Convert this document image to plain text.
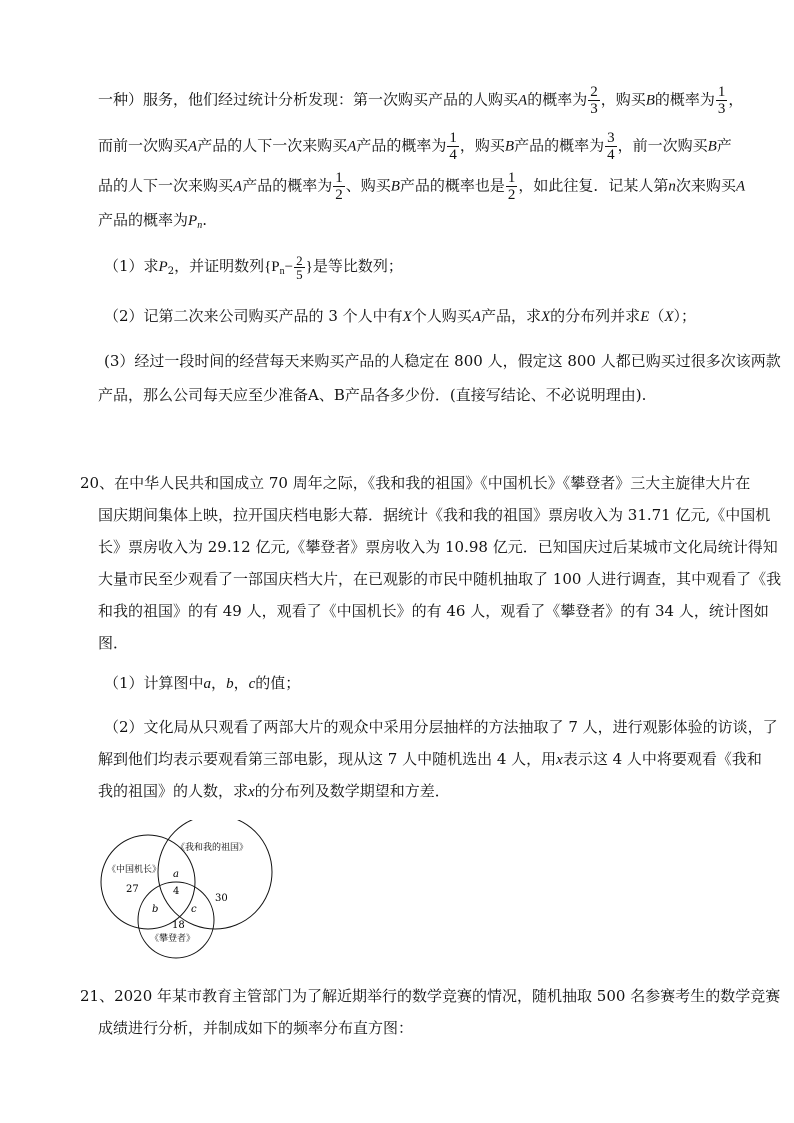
一种）服务，他们经过统计分析发现：第一次购买产品的人购买A的概率为 $\frac{2}{3}$ ，购买B的概率为 $\frac{1}{3}$ ，
而前一次购买A产品的人下一次来购买A产品的概率为 $\frac{1}{4}$ ，购买B产品的概率为 $\frac{3}{4}$ ，前一次购买B产
品的人下一次来购买A产品的概率为 $\frac{1}{2}$ 、购买B产品的概率也是 $\frac{1}{2}$ ，如此往复．记某人第n次来购买A
产品的概率为$P_n$.
（1）求$P_2$，并证明数列{$P_n- \frac{2}{5}$ }是等比数列；
（2）记第二次来公司购买产品的 3 个人中有X个人购买A产品，求X的分布列并求E（X）；
(3）经过一段时间的经营每天来购买产品的人稳定在 800 人，假定这 800 人都已购买过很多次该两款
产品，那么公司每天应至少准备A、B产品各多少份．(直接写结论、不必说明理由).
20、在中华人民共和国成立 70 周年之际，《我和我的祖国》《中国机长》《攀登者》三大主旋律大片在
国庆期间集体上映，拉开国庆档电影大幕．据统计《我和我的祖国》票房收入为 31.71 亿元,《中国机
长》票房收入为 29.12 亿元,《攀登者》票房收入为 10.98 亿元．已知国庆过后某城市文化局统计得知
大量市民至少观看了一部国庆档大片，在已观影的市民中随机抽取了 100 人进行调查，其中观看了《我
和我的祖国》的有 49 人，观看了《中国机长》的有 46 人，观看了《攀登者》的有 34 人，统计图如
图．
（1）计算图中a，b，c的值；
（2）文化局从只观看了两部大片的观众中采用分层抽样的方法抽取了 7 人，进行观影体验的访谈，了
解到他们均表示要观看第三部电影，现从这 7 人中随机选出 4 人，用x表示这 4 人中将要观看《我和
我的祖国》的人数，求x的分布列及数学期望和方差．
《我和我的祖国》
《中国机长》
《攀登者》
27
30
18
4
a
b	c
21、2020 年某市教育主管部门为了解近期举行的数学竞赛的情况，随机抽取 500 名参赛考生的数学竞赛
成绩进行分析，并制成如下的频率分布直方图：
